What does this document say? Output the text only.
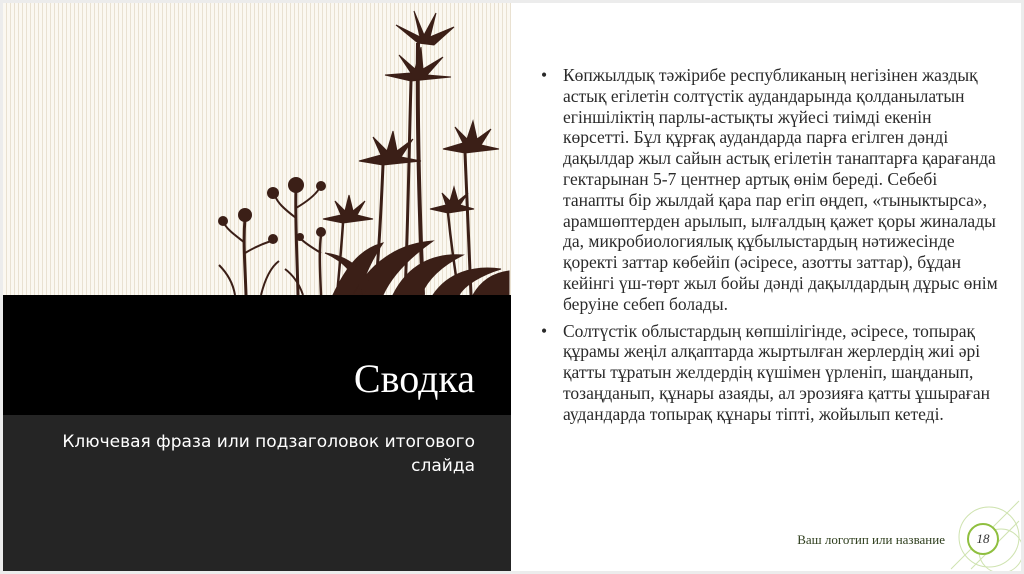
Сводка
Ключевая фраза или подзаголовок итогового слайда
• Көпжылдық тәжірибе республиканың негізінен жаздық астық егілетін солтүстік аудандарында қолданылатын егіншіліктің парлы-астықты жүйесі тиімді екенін көрсетті. Бұл құрғақ аудандарда парға егілген дәнді дақылдар жыл сайын астық егілетін танаптарға қарағанда гектарынан 5-7 центнер артық өнім береді. Себебі танапты бір жылдай қара пар егіп өңдеп, «тыныктырса», арамшөптерден арылып, ылғалдың қажет қоры жиналады да, микробиологиялық құбылыстардың нәтижесінде қоректі заттар көбейіп (әсіресе, азотты заттар), бұдан кейінгі үш-төрт жыл бойы дәнді дақылдардың дұрыс өнім беруіне себеп болады.
• Солтүстік облыстардың көпшілігінде, әсіресе, топырақ құрамы жеңіл алқаптарда жыртылған жерлердің жиі әрі қатты тұратын желдердің күшімен үрленіп, шаңданып, тозаңданып, құнары азаяды, ал эрозияға қатты ұшыраған аудандарда топырақ құнары тіпті, жойылып кетеді.
Ваш логотип или название	18
